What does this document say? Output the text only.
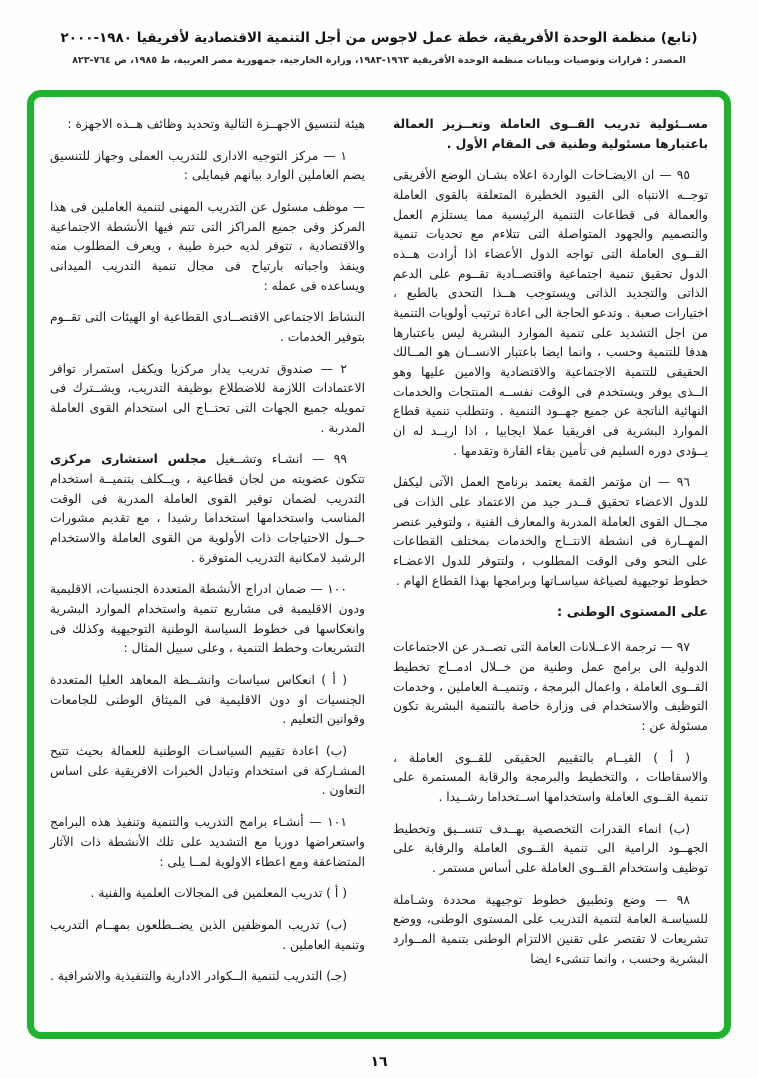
(تابع) منظمة الوحدة الأفريقية، خطة عمل لاجوس من أجل التنمية الاقتصادية لأفريقيا ١٩٨٠-٢٠٠٠
المصدر : قرارات وتوصيات وبيانات منظمة الوحدة الأفريقية ١٩٦٣-١٩٨٣، وزارة الخارجية، جمهورية مصر العربية، ط ١٩٨٥، ص ٧٦٤-٨٢٣

مســئولية تدريب القــوى العاملة وتعــزيز العمالة باعتبارها مسئولية وطنية فى المقام الأول .

٩٥ — ان الايضـاحات الواردة اعلاه بشـان الوضع الأفريقى توجــه الانتباه الى القيود الخطيرة المتعلقة بالقوى العاملة والعمالة فى قطاعات التنمية الرئيسية مما يستلزم العمل والتصميم والجهود المتواصلة التى تتلاءم مع تحديات تنمية القــوى العاملة التى تواجه الدول الأعضاء اذا أرادت هــذه الدول تحقيق تنمية اجتماعية واقتصــادية تقــوم على الدعم الذاتى والتجديد الذاتى ويستوجب هــذا التحدى بالطبع ، اختيارات صعبة . وتدعو الحاجة الى اعادة ترتيب أولويات التنمية من اجل التشديد على تنمية الموارد البشرية ليس باعتبارها هدفا للتنمية وحسب ، وانما ايضا باعتبار الانســان هو المــالك الحقيقى للتنمية الاجتماعية والاقتصادية والامين عليها وهو الــذى يوفر ويستخدم فى الوقت نفســه المنتجات والخدمات النهائية الناتجة عن جميع جهــود التنمية . وتتطلب تنمية قطاع الموارد البشرية فى افريقيا عملا ايجابيا ، اذا اريــد له ان يــؤدى دوره السليم فى تأمين بقاء القارة وتقدمها .

٩٦ — ان مؤتمر القمة يعتمد برنامج العمل الآتى ليكفل للدول الاعضاء تحقيق قــدر جيد من الاعتماد على الذات فى مجــال القوى العاملة المدربة والمعارف الفنية ، ولتوفير عنصر المهــارة فى انشطة الانتــاج والخدمات بمختلف القطاعات على النحو وفى الوقت المطلوب ، ولتتوفر للدول الاعضـاء خطوط توجيهية لصياغة سياسـاتها وبرامجها بهذا القطاع الهام .

على المستوى الوطنى :

٩٧ — ترجمة الاعــلانات العامة التى تصــدر عن الاجتماعات الدولية الى برامج عمل وطنية من خــلال ادمــاج تخطيط القــوى العاملة ، واعمال البرمجة ، وتنميــة العاملين ، وخدمات التوظيف والاستخدام فى وزارة خاصة بالتنمية البشرية تكون مسئولة عن :

( أ ) القيــام بالتقييم الحقيقى للقــوى العاملة ، والاسقاطات ، والتخطيط والبرمجة والرقابة المستمرة على تنمية القــوى العاملة واستخدامها اســتخداما رشــيدا .

(ب) انماء القدرات التخصصية بهــدف تنســيق وتخطيط الجهــود الرامية الى تنمية القــوى العاملة والرقابة على توظيف واستخدام القــوى العاملة على أساس مستمر .

٩٨ — وضع وتطبيق خطوط توجيهية محددة وشـاملة للسياسـة العامة لتنمية التدريب على المستوى الوطنى، ووضع تشريعات لا تقتصر على تقنين الالتزام الوطنى بتنمية المــوارد البشرية وحسب ، وانما تنشىء ايضا

هيئة لتنسيق الاجهــزة التالية وتحديد وظائف هــذه الاجهزة :

١ — مركز التوجيه الادارى للتدريب العملى وجهاز للتنسيق يضم العاملين الوارد بيانهم فيمايلى :

— موظف مسئول عن التدريب المهنى لتنمية العاملين فى هذا المركز وفى جميع المراكز التى تتم فيها الأنشطة الاجتماعية والاقتصادية ، تتوفر لديه خبرة طيبة ، ويعرف المطلوب منه وينفذ واجباته بارتياح فى مجال تنمية التدريب الميدانى ويساعده فى عمله :

النشاط الاجتماعى الاقتصــادى القطاعية او الهيئات التى تقــوم بتوفير الخدمات .

٢ — صندوق تدريب يدار مركزيا ويكفل استمرار توافر الاعتمادات اللازمة للاضطلاع بوظيفة التدريب، ويشــترك فى تمويله جميع الجهات التى تحتــاج الى استخدام القوى العاملة المدربة .

٩٩ — انشـاء وتشــغيل مجلس استشارى مركزى تتكون عضويته من لجان قطاعية ، ويــكلف بتنميــة استخدام التدريب لضمان توفير القوى العاملة المدربة فى الوقت المناسب واستخدامها استخداما رشيدا ، مع تقديم مشورات حــول الاحتياجات ذات الأولوية من القوى العاملة والاستخدام الرشيد لامكانية التدريب المتوفرة .

١٠٠ — ضمان ادراج الأنشطة المتعددة الجنسيات، الاقليمية ودون الاقليمية فى مشاريع تنمية واستخدام الموارد البشرية وانعكاسها فى خطوط السياسة الوطنية التوجيهية وكذلك فى التشريعات وخطط التنمية ، وعلى سبيل المثال :

( أ ) انعكاس سياسات وانشــطة المعاهد العليا المتعددة الجنسيات او دون الاقليمية فى الميثاق الوطنى للجامعات وقوانين التعليم .

(ب) اعادة تقييم السياسـات الوطنية للعمالة بحيث تتيح المشـاركة فى استخدام وتبادل الخبرات الافريقية على اساس التعاون .

١٠١ — أنشـاء برامج التدريب والتنمية وتنفيذ هذه البرامج واستعراضها دوريا مع التشديد على تلك الأنشطة ذات الآثار المتضاعفة ومع اعطاء الاولوية لمــا يلى :

( أ ) تدريب المعلمين فى المجالات العلمية والفنية .

(ب) تدريب الموظفين الذين يضــطلعون بمهــام التدريب وتنمية العاملين .

(جـ) التدريب لتنمية الــكوادر الادارية والتنفيذية والاشرافية .

١٦
